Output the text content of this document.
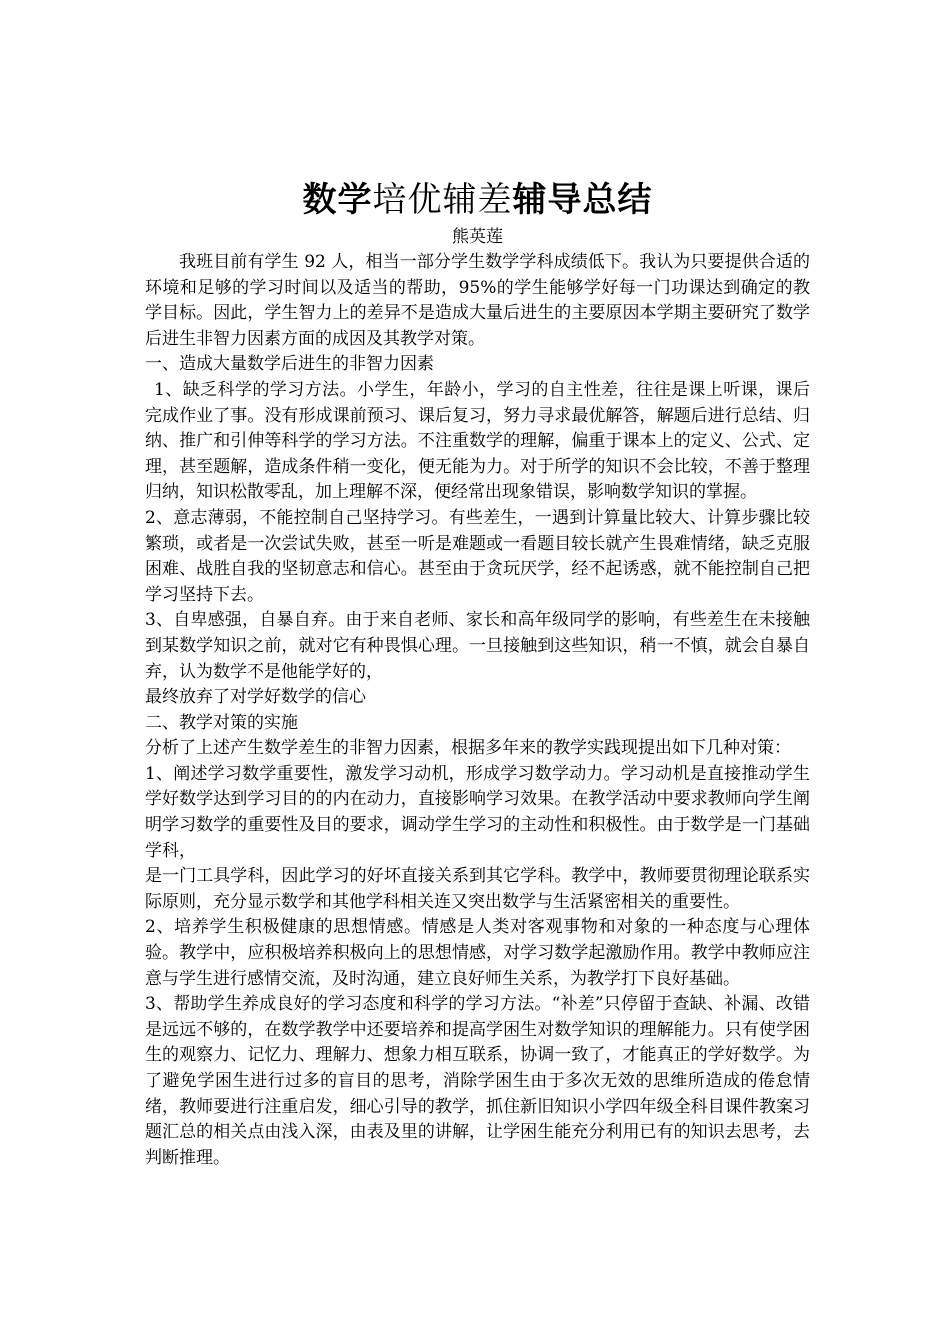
数学培优辅差辅导总结

熊英莲

我班目前有学生 92 人，相当一部分学生数学学科成绩低下。我认为只要提供合适的环境和足够的学习时间以及适当的帮助，95%的学生能够学好每一门功课达到确定的教学目标。因此，学生智力上的差异不是造成大量后进生的主要原因本学期主要研究了数学后进生非智力因素方面的成因及其教学对策。

一、造成大量数学后进生的非智力因素

1、缺乏科学的学习方法。小学生，年龄小，学习的自主性差，往往是课上听课，课后完成作业了事。没有形成课前预习、课后复习，努力寻求最优解答，解题后进行总结、归纳、推广和引伸等科学的学习方法。不注重数学的理解，偏重于课本上的定义、公式、定理，甚至题解，造成条件稍一变化，便无能为力。对于所学的知识不会比较，不善于整理归纳，知识松散零乱，加上理解不深，便经常出现象错误，影响数学知识的掌握。

2、意志薄弱，不能控制自己坚持学习。有些差生，一遇到计算量比较大、计算步骤比较繁琐，或者是一次尝试失败，甚至一听是难题或一看题目较长就产生畏难情绪，缺乏克服困难、战胜自我的坚韧意志和信心。甚至由于贪玩厌学，经不起诱惑，就不能控制自己把学习坚持下去。

3、自卑感强，自暴自弃。由于来自老师、家长和高年级同学的影响，有些差生在未接触到某数学知识之前，就对它有种畏惧心理。一旦接触到这些知识，稍一不慎，就会自暴自弃，认为数学不是他能学好的，

最终放弃了对学好数学的信心

二、教学对策的实施

分析了上述产生数学差生的非智力因素，根据多年来的教学实践现提出如下几种对策：

1、阐述学习数学重要性，激发学习动机，形成学习数学动力。学习动机是直接推动学生学好数学达到学习目的的内在动力，直接影响学习效果。在教学活动中要求教师向学生阐明学习数学的重要性及目的要求，调动学生学习的主动性和积极性。由于数学是一门基础学科，

是一门工具学科，因此学习的好坏直接关系到其它学科。教学中，教师要贯彻理论联系实际原则，充分显示数学和其他学科相关连又突出数学与生活紧密相关的重要性。

2、培养学生积极健康的思想情感。情感是人类对客观事物和对象的一种态度与心理体验。教学中，应积极培养积极向上的思想情感，对学习数学起激励作用。教学中教师应注意与学生进行感情交流，及时沟通，建立良好师生关系，为教学打下良好基础。

3、帮助学生养成良好的学习态度和科学的学习方法。“补差”只停留于查缺、补漏、改错是远远不够的，在数学教学中还要培养和提高学困生对数学知识的理解能力。只有使学困生的观察力、记忆力、理解力、想象力相互联系，协调一致了，才能真正的学好数学。为了避免学困生进行过多的盲目的思考，消除学困生由于多次无效的思维所造成的倦怠情绪，教师要进行注重启发，细心引导的教学，抓住新旧知识小学四年级全科目课件教案习题汇总的相关点由浅入深，由表及里的讲解，让学困生能充分利用已有的知识去思考，去判断推理。
